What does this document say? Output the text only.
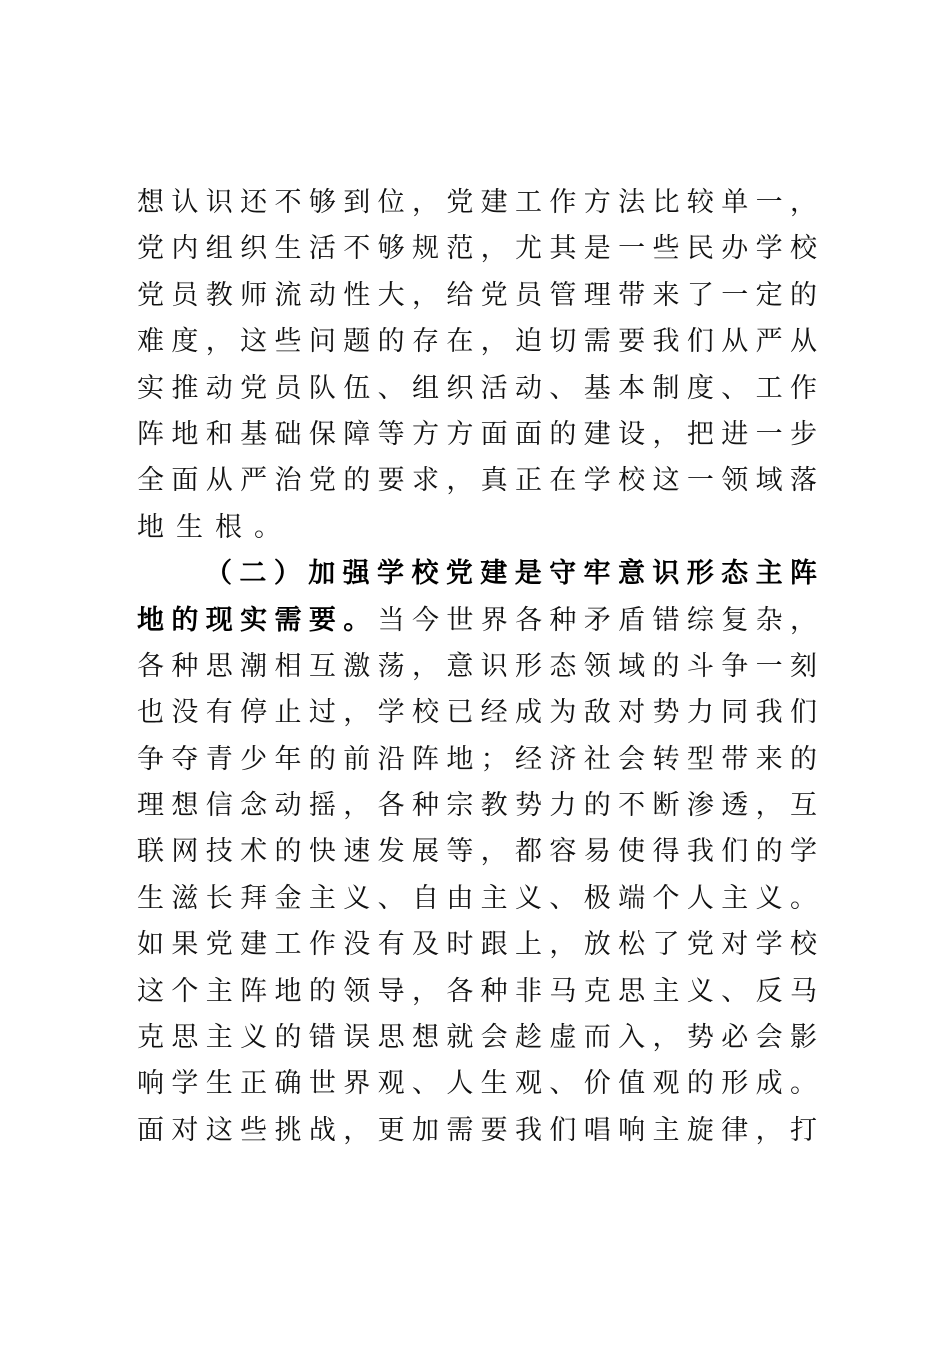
想认识还不够到位，党建工作方法比较单一，
党内组织生活不够规范，尤其是一些民办学校
党员教师流动性大，给党员管理带来了一定的
难度，这些问题的存在，迫切需要我们从严从
实推动党员队伍、组织活动、基本制度、工作
阵地和基础保障等方方面面的建设，把进一步
全面从严治党的要求，真正在学校这一领域落
地生根。
（二）加强学校党建是守牢意识形态主阵
地的现实需要。当今世界各种矛盾错综复杂，
各种思潮相互激荡，意识形态领域的斗争一刻
也没有停止过，学校已经成为敌对势力同我们
争夺青少年的前沿阵地；经济社会转型带来的
理想信念动摇，各种宗教势力的不断渗透，互
联网技术的快速发展等，都容易使得我们的学
生滋长拜金主义、自由主义、极端个人主义。
如果党建工作没有及时跟上，放松了党对学校
这个主阵地的领导，各种非马克思主义、反马
克思主义的错误思想就会趁虚而入，势必会影
响学生正确世界观、人生观、价值观的形成。
面对这些挑战，更加需要我们唱响主旋律，打
